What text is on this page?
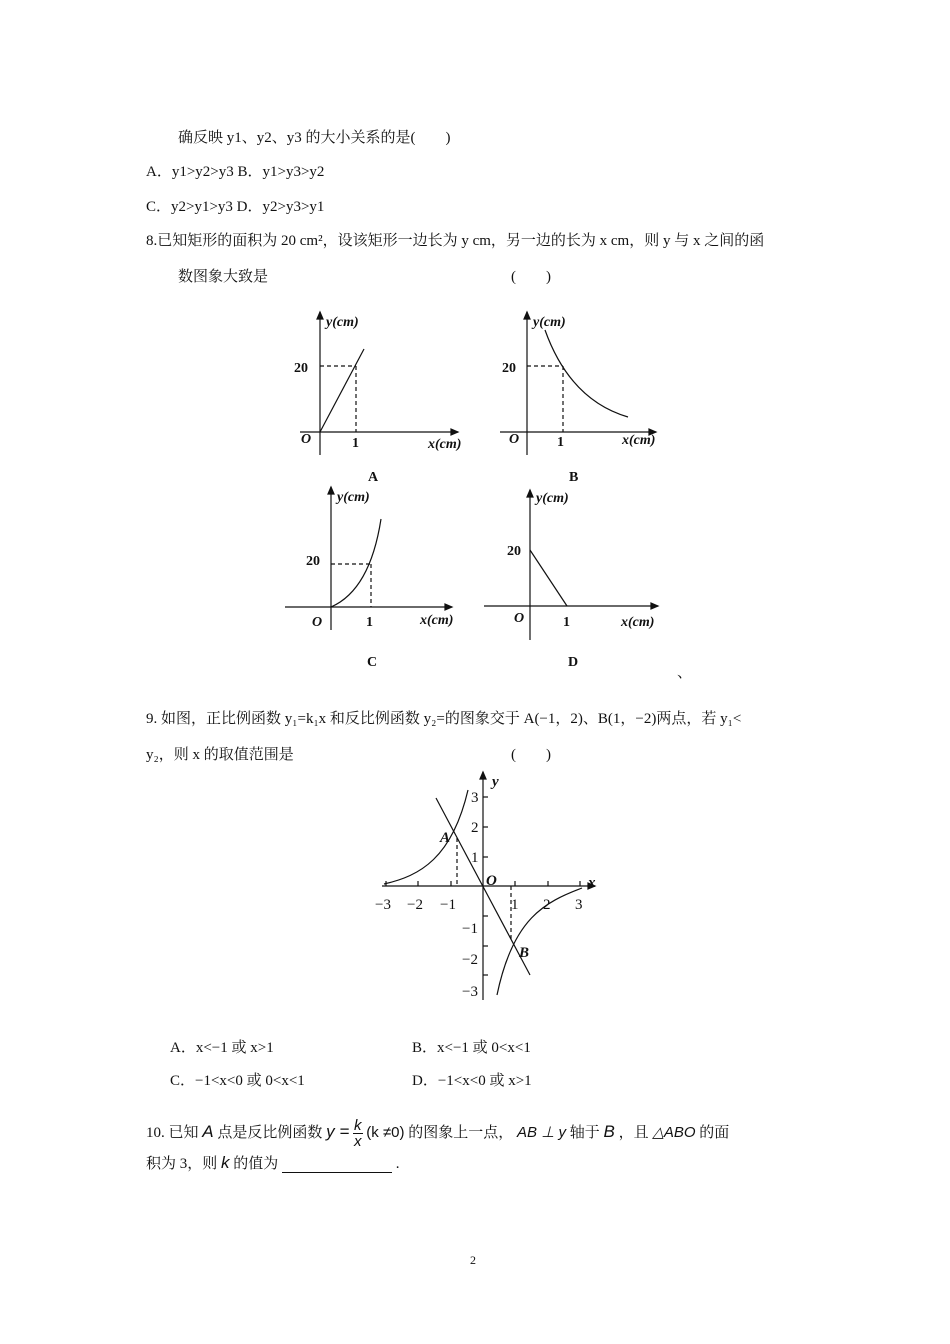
确反映 y1、y2、y3 的大小关系的是(　　)
A．y1>y2>y3 B．y1>y3>y2
C．y2>y1>y3 D．y2>y3>y1
8.已知矩形的面积为 20 cm²，设该矩形一边长为 y cm，另一边的长为 x cm，则 y 与 x 之间的函
数图象大致是	(　　)
y(cm)
20
O	1	x(cm)
A
y(cm)
20
O	1	x(cm)
B
y(cm)
20
O	1	x(cm)
C
y(cm)
20
O	1	x(cm)
D
、
9. 如图，正比例函数 y₁=k₁x 和反比例函数 y₂=的图象交于 A(−1，2)、B(1，−2)两点，若 y₁<
y₂，则 x 的取值范围是	(　　)
x
y
O
−3 −2 −1	1 2 3
3
2
1
−1
−2
−3
A
B
A．x<−1 或 x>1	B．x<−1 或 0<x<1
C．−1<x<0 或 0<x<1	D．−1<x<0 或 x>1
10. 已知 A 点是反比例函数 $y = \frac{k}{x} (k \ne 0)$ 的图象上一点， AB ⊥ y 轴于 B ，且 △ABO 的面
积为 3，则 k 的值为	.
2
